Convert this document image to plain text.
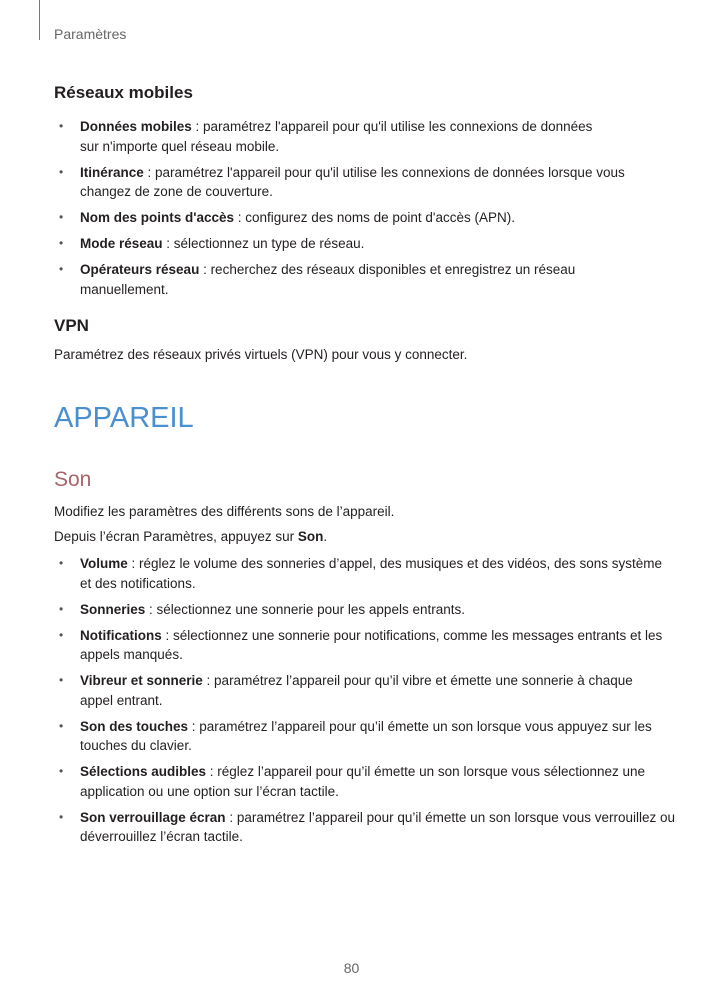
Paramètres
Réseaux mobiles
• Données mobiles : paramétrez l'appareil pour qu'il utilise les connexions de données sur n'importe quel réseau mobile.
• Itinérance : paramétrez l'appareil pour qu'il utilise les connexions de données lorsque vous changez de zone de couverture.
• Nom des points d'accès : configurez des noms de point d'accès (APN).
• Mode réseau : sélectionnez un type de réseau.
• Opérateurs réseau : recherchez des réseaux disponibles et enregistrez un réseau manuellement.
VPN
Paramétrez des réseaux privés virtuels (VPN) pour vous y connecter.
APPAREIL
Son
Modifiez les paramètres des différents sons de l’appareil.
Depuis l’écran Paramètres, appuyez sur Son.
• Volume : réglez le volume des sonneries d’appel, des musiques et des vidéos, des sons système et des notifications.
• Sonneries : sélectionnez une sonnerie pour les appels entrants.
• Notifications : sélectionnez une sonnerie pour notifications, comme les messages entrants et les appels manqués.
• Vibreur et sonnerie : paramétrez l’appareil pour qu’il vibre et émette une sonnerie à chaque appel entrant.
• Son des touches : paramétrez l’appareil pour qu’il émette un son lorsque vous appuyez sur les touches du clavier.
• Sélections audibles : réglez l’appareil pour qu’il émette un son lorsque vous sélectionnez une application ou une option sur l’écran tactile.
• Son verrouillage écran : paramétrez l’appareil pour qu’il émette un son lorsque vous verrouillez ou déverrouillez l’écran tactile.
80
